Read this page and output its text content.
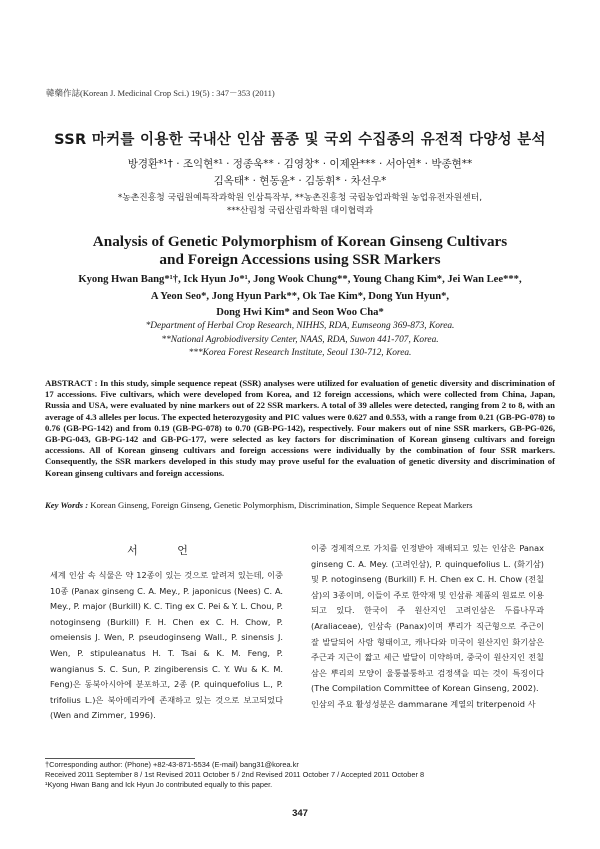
韓藥作誌(Korean J. Medicinal Crop Sci.) 19(5) : 347－353 (2011)
SSR 마커를 이용한 국내산 인삼 품종 및 국외 수집종의 유전적 다양성 분석
방경환*¹† · 조익현*¹ · 정종욱** · 김영창* · 이제완*** · 서아연* · 박종현**
김옥태* · 현동윤* · 김동휘* · 차선우*
*농촌진흥청 국립원예특작과학원 인삼특작부, **농촌진흥청 국립농업과학원 농업유전자원센터,
***산림청 국립산림과학원 대이협력과
Analysis of Genetic Polymorphism of Korean Ginseng Cultivars
and Foreign Accessions using SSR Markers
Kyong Hwan Bang*¹†, Ick Hyun Jo*¹, Jong Wook Chung**, Young Chang Kim*, Jei Wan Lee***,
A Yeon Seo*, Jong Hyun Park**, Ok Tae Kim*, Dong Yun Hyun*,
Dong Hwi Kim* and Seon Woo Cha*
*Department of Herbal Crop Research, NIHHS, RDA, Eumseong 369-873, Korea.
**National Agrobiodiversity Center, NAAS, RDA, Suwon 441-707, Korea.
***Korea Forest Research Institute, Seoul 130-712, Korea.
ABSTRACT : In this study, simple sequence repeat (SSR) analyses were utilized for evaluation of genetic diversity and discrimination of 17 accessions. Five cultivars, which were developed from Korea, and 12 foreign accessions, which were collected from China, Japan, Russia and USA, were evaluated by nine markers out of 22 SSR markers. A total of 39 alleles were detected, ranging from 2 to 8, with an average of 4.3 alleles per locus. The expected heterozygosity and PIC values were 0.627 and 0.553, with a range from 0.21 (GB-PG-078) to 0.76 (GB-PG-142) and from 0.19 (GB-PG-078) to 0.70 (GB-PG-142), respectively. Four makers out of nine SSR markers, GB-PG-026, GB-PG-043, GB-PG-142 and GB-PG-177, were selected as key factors for discrimination of Korean ginseng cultivars and foreign accessions. All of Korean ginseng cultivars and foreign accessions were individually by the combination of four SSR markers. Consequently, the SSR markers developed in this study may prove useful for the evaluation of genetic diversity and discrimination of Korean ginseng cultivars and foreign accessions.
Key Words : Korean Ginseng, Foreign Ginseng, Genetic Polymorphism, Discrimination, Simple Sequence Repeat Markers
서 언
세계 인삼 속 식물은 약 12종이 있는 것으로 알려져 있는데, 이중 10종 (Panax ginseng C. A. Mey., P. japonicus (Nees) C. A. Mey., P. major (Burkill) K. C. Ting ex C. Pei & Y. L. Chou, P. notoginseng (Burkill) F. H. Chen ex C. H. Chow, P. omeiensis J. Wen, P. pseudoginseng Wall., P. sinensis J. Wen, P. stipuleanatus H. T. Tsai & K. M. Feng, P. wangianus S. C. Sun, P. zingiberensis C. Y. Wu & K. M. Feng)은 동북아시아에 분포하고, 2종 (P. quinquefolius L., P. trifolius L.)은 북아메리카에 존재하고 있는 것으로 보고되었다 (Wen and Zimmer, 1996).
이중 경제적으로 가치를 인정받아 재배되고 있는 인삼은 Panax ginseng C. A. Mey. (고려인삼), P. quinquefolius L. (화기삼) 및 P. notoginseng (Burkill) F. H. Chen ex C. H. Chow (전칠삼)의 3종이며, 이들이 주로 한약재 및 인삼류 제품의 원료로 이용되고 있다. 한국이 주 원산지인 고려인삼은 두릅나무과 (Araliaceae), 인삼속 (Panax)이며 뿌리가 직근형으로 주근이 잘 발달되어 사람 형태이고, 캐나다와 미국이 원산지인 화기삼은 주근과 지근이 짧고 세근 발달이 미약하며, 중국이 원산지인 전칠삼은 뿌리의 모양이 울퉁불퉁하고 검정색을 띠는 것이 특징이다 (The Compilation Committee of Korean Ginseng, 2002).
인삼의 주요 활성성분은 dammarane 계열의 triterpenoid 사
†Corresponding author: (Phone) +82-43-871-5534 (E-mail) bang31@korea.kr
Received 2011 September 8 / 1st Revised 2011 October 5 / 2nd Revised 2011 October 7 / Accepted 2011 October 8
¹Kyong Hwan Bang and Ick Hyun Jo contributed equally to this paper.
347
